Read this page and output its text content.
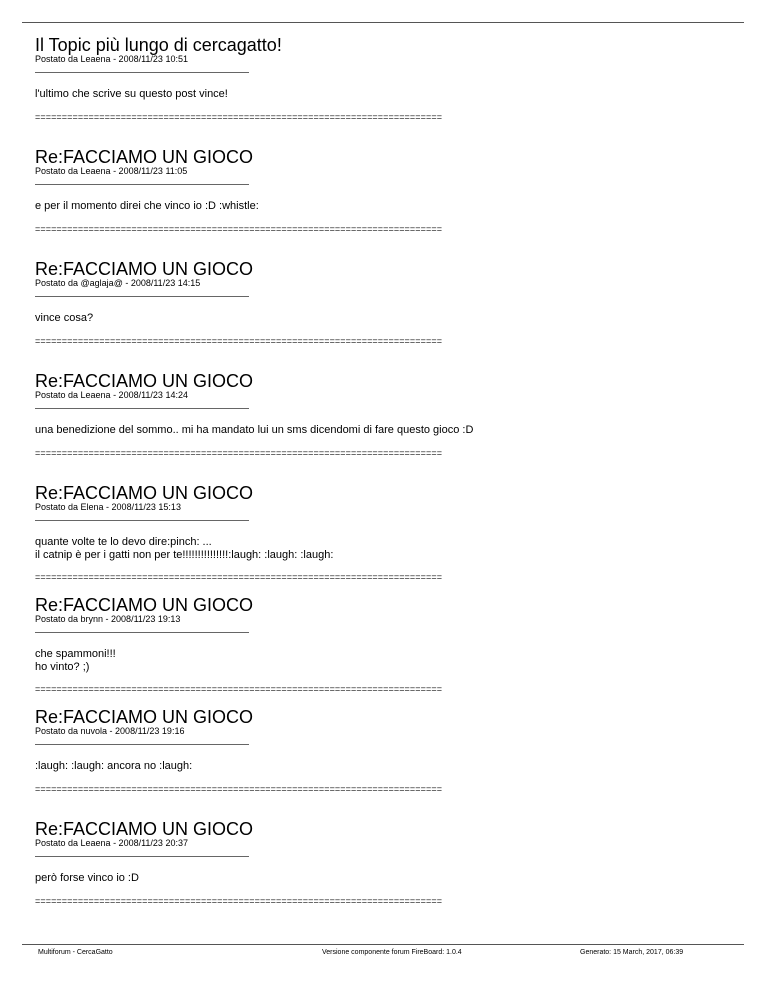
Il Topic più lungo di cercagatto!
Postato da Leaena - 2008/11/23 10:51
l'ultimo che scrive su questo post vince!
============================================================================
Re:FACCIAMO UN GIOCO
Postato da Leaena - 2008/11/23 11:05
e per il momento direi che vinco io :D :whistle:
============================================================================
Re:FACCIAMO UN GIOCO
Postato da @aglaja@ - 2008/11/23 14:15
vince cosa?
============================================================================
Re:FACCIAMO UN GIOCO
Postato da Leaena - 2008/11/23 14:24
una benedizione del sommo.. mi ha mandato lui un sms dicendomi di fare questo gioco :D
============================================================================
Re:FACCIAMO UN GIOCO
Postato da Elena - 2008/11/23 15:13
quante volte te lo devo dire:pinch: ...
il catnip è per i gatti non per te!!!!!!!!!!!!!!!:laugh: :laugh: :laugh:
============================================================================
Re:FACCIAMO UN GIOCO
Postato da brynn - 2008/11/23 19:13
che spammoni!!!
ho vinto? ;)
============================================================================
Re:FACCIAMO UN GIOCO
Postato da nuvola - 2008/11/23 19:16
:laugh: :laugh: ancora no :laugh:
============================================================================
Re:FACCIAMO UN GIOCO
Postato da Leaena - 2008/11/23 20:37
però forse vinco io :D
============================================================================
Multiforum - CercaGatto	Versione componente forum FireBoard: 1.0.4	Generato: 15 March, 2017, 06:39
